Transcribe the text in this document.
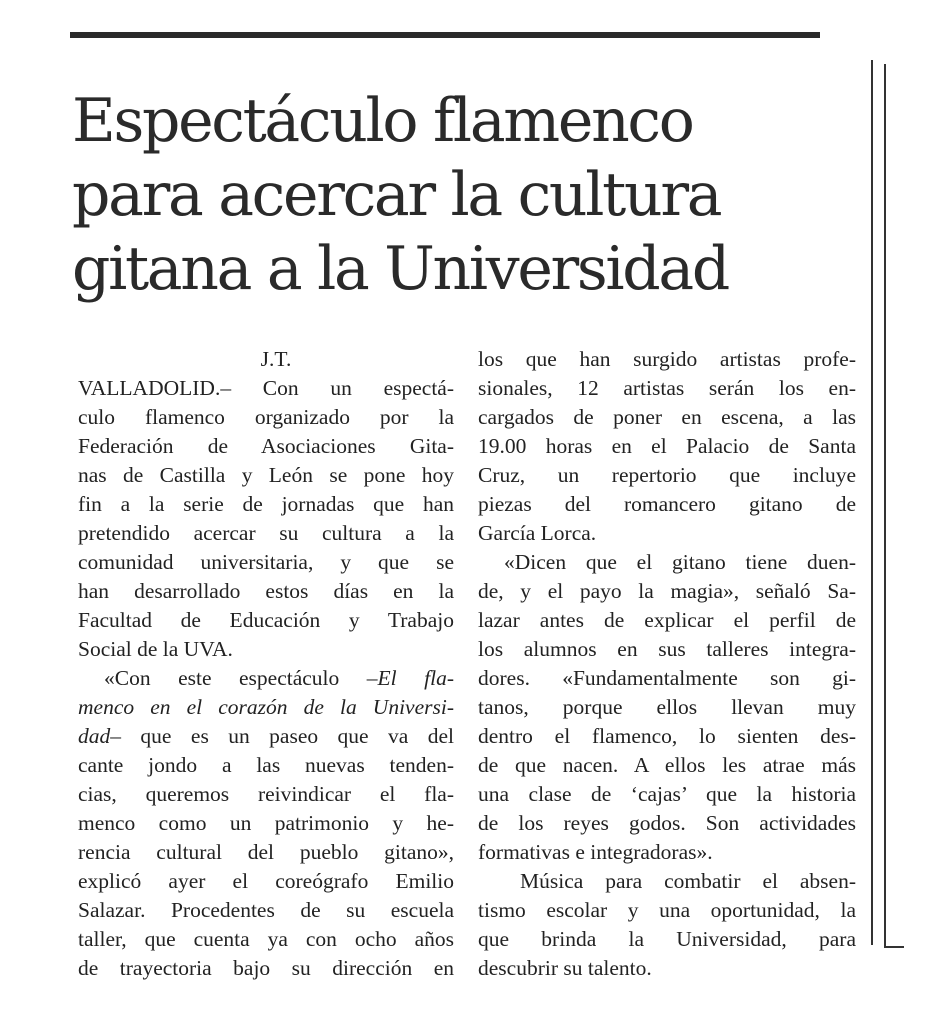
Espectáculo flamenco
para acercar la cultura
gitana a la Universidad
J.T.
VALLADOLID.– Con un espectá-
culo flamenco organizado por la
Federación de Asociaciones Gita-
nas de Castilla y León se pone hoy
fin a la serie de jornadas que han
pretendido acercar su cultura a la
comunidad universitaria, y que se
han desarrollado estos días en la
Facultad de Educación y Trabajo
Social de la UVA.
«Con este espectáculo –El fla-
menco en el corazón de la Universi-
dad– que es un paseo que va del
cante jondo a las nuevas tenden-
cias, queremos reivindicar el fla-
menco como un patrimonio y he-
rencia cultural del pueblo gitano»,
explicó ayer el coreógrafo Emilio
Salazar. Procedentes de su escuela
taller, que cuenta ya con ocho años
de trayectoria bajo su dirección en
los que han surgido artistas profe-
sionales, 12 artistas serán los en-
cargados de poner en escena, a las
19.00 horas en el Palacio de Santa
Cruz, un repertorio que incluye
piezas del romancero gitano de
García Lorca.
«Dicen que el gitano tiene duen-
de, y el payo la magia», señaló Sa-
lazar antes de explicar el perfil de
los alumnos en sus talleres integra-
dores. «Fundamentalmente son gi-
tanos, porque ellos llevan muy
dentro el flamenco, lo sienten des-
de que nacen. A ellos les atrae más
una clase de ‘cajas’ que la historia
de los reyes godos. Son actividades
formativas e integradoras».
Música para combatir el absen-
tismo escolar y una oportunidad, la
que brinda la Universidad, para
descubrir su talento.
